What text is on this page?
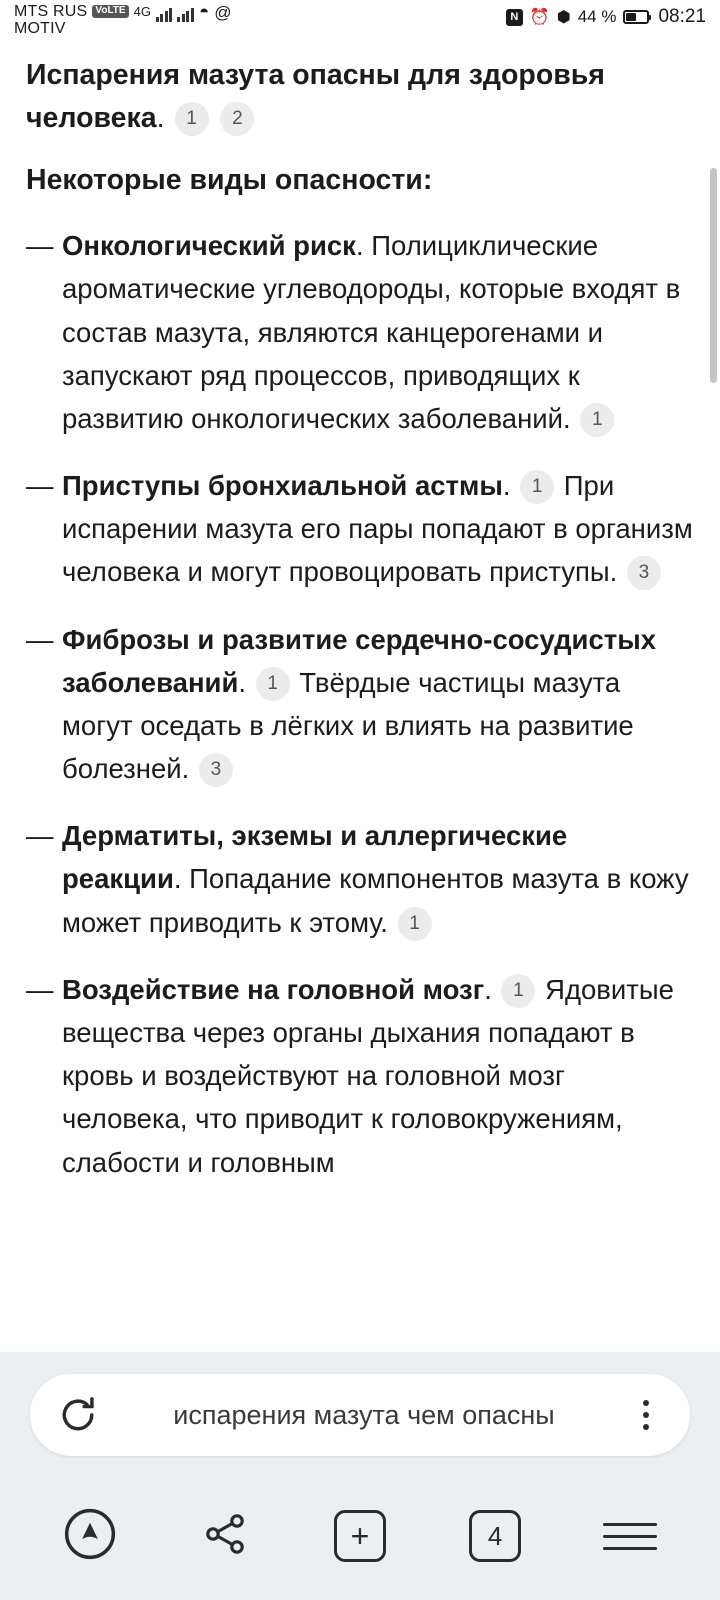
MTS RUS
MOTIV
VoLTE 4G	◓ @	N ⏰ ⬢ 44 % 08:21
Испарения мазута опасны для здоровья человека. 1 2
Некоторые виды опасности:
— Онкологический риск. Полициклические ароматические углеводороды, которые входят в состав мазута, являются канцерогенами и запускают ряд процессов, приводящих к развитию онкологических заболеваний. 1
— Приступы бронхиальной астмы. 1 При испарении мазута его пары попадают в организм человека и могут провоцировать приступы. 3
— Фиброзы и развитие сердечно-сосудистых заболеваний. 1 Твёрдые частицы мазута могут оседать в лёгких и влиять на развитие болезней. 3
— Дерматиты, экземы и аллергические реакции. Попадание компонентов мазута в кожу может приводить к этому. 1
— Воздействие на головной мозг. 1 Ядовитые вещества через органы дыхания попадают в кровь и воздействуют на головной мозг человека, что приводит к головокружениям, слабости и головным
испарения мазута чем опасны
+	4
